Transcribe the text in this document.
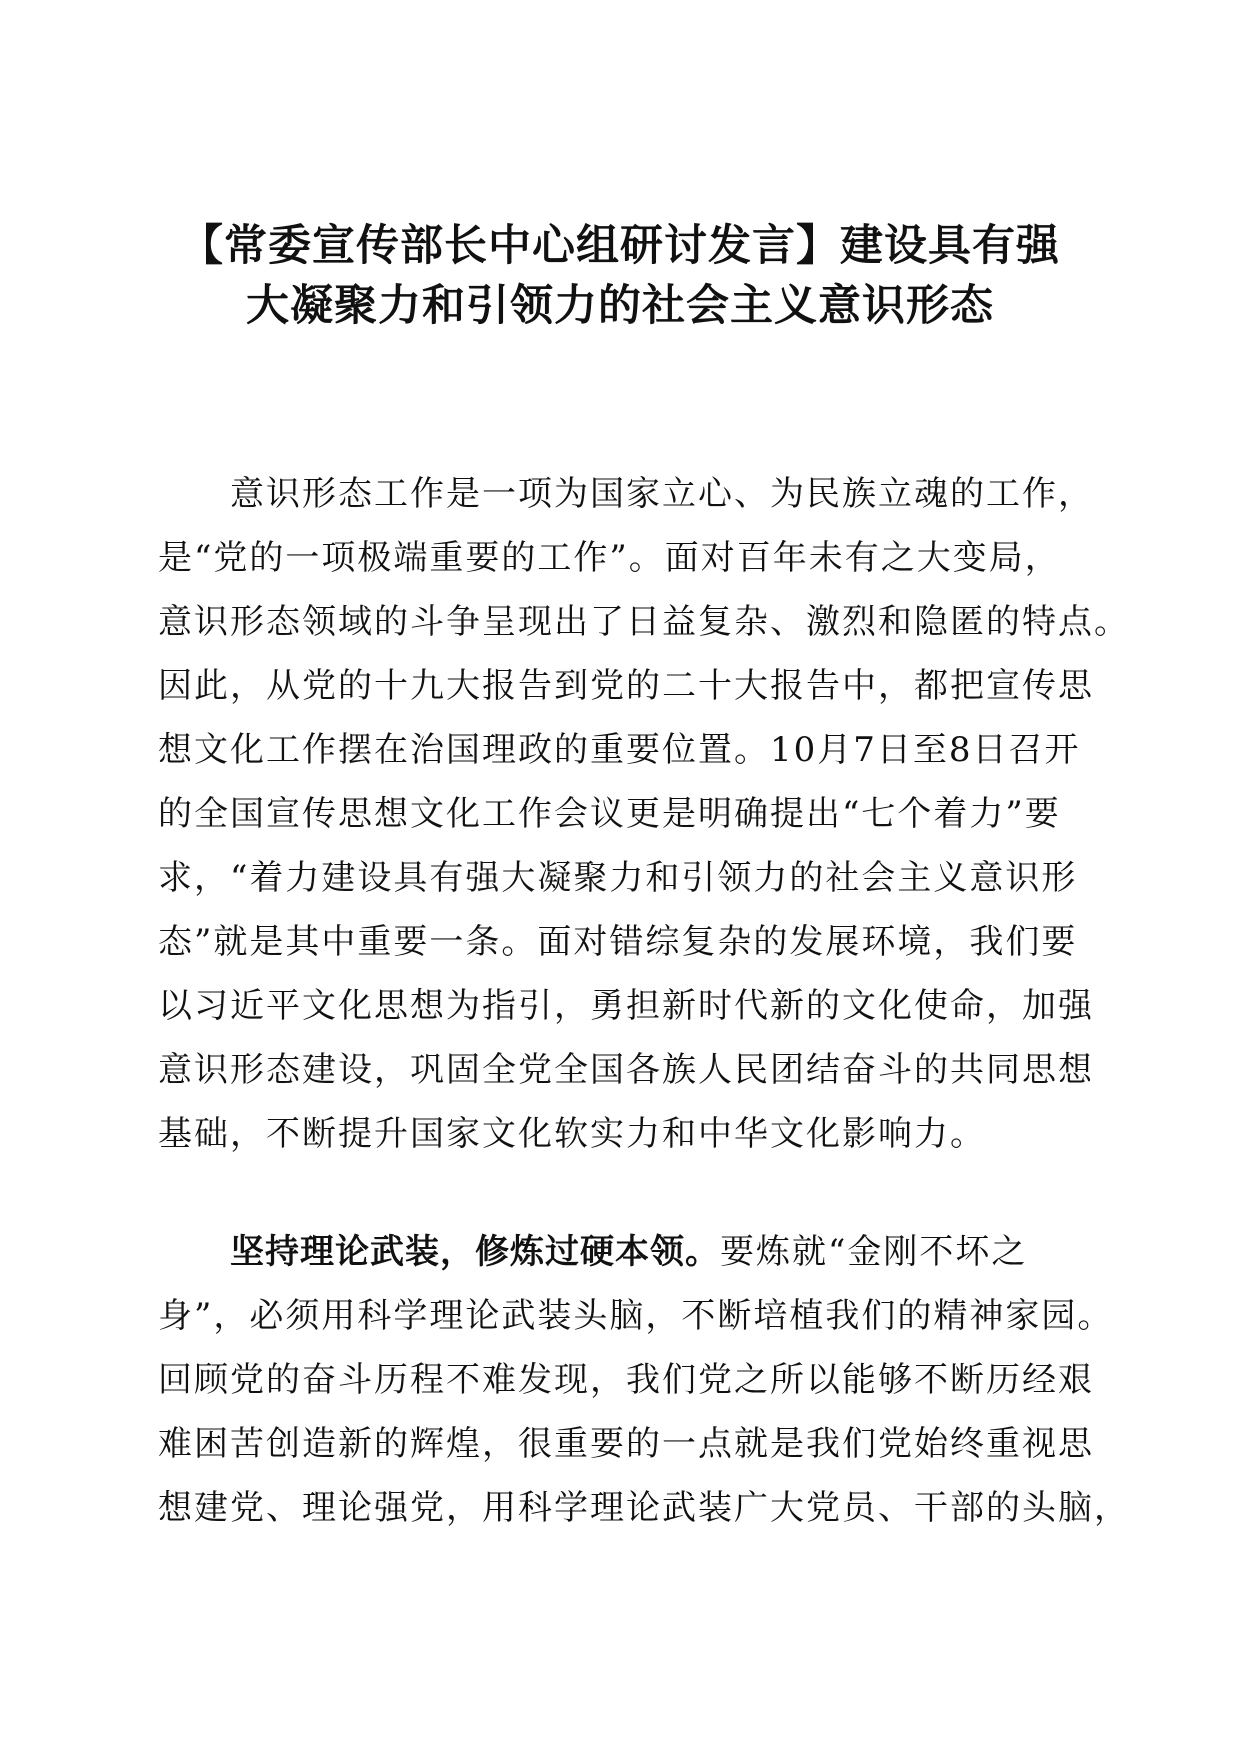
【常委宣传部长中心组研讨发言】建设具有强
大凝聚力和引领力的社会主义意识形态
意识形态工作是一项为国家立心、为民族立魂的工作，
是“党的一项极端重要的工作”。面对百年未有之大变局，
意识形态领域的斗争呈现出了日益复杂、激烈和隐匿的特点。
因此，从党的十九大报告到党的二十大报告中，都把宣传思
想文化工作摆在治国理政的重要位置。10月7日至8日召开
的全国宣传思想文化工作会议更是明确提出“七个着力”要
求，“着力建设具有强大凝聚力和引领力的社会主义意识形
态”就是其中重要一条。面对错综复杂的发展环境，我们要
以习近平文化思想为指引，勇担新时代新的文化使命，加强
意识形态建设，巩固全党全国各族人民团结奋斗的共同思想
基础，不断提升国家文化软实力和中华文化影响力。
坚持理论武装，修炼过硬本领。要炼就“金刚不坏之
身”，必须用科学理论武装头脑，不断培植我们的精神家园。
回顾党的奋斗历程不难发现，我们党之所以能够不断历经艰
难困苦创造新的辉煌，很重要的一点就是我们党始终重视思
想建党、理论强党，用科学理论武装广大党员、干部的头脑，
